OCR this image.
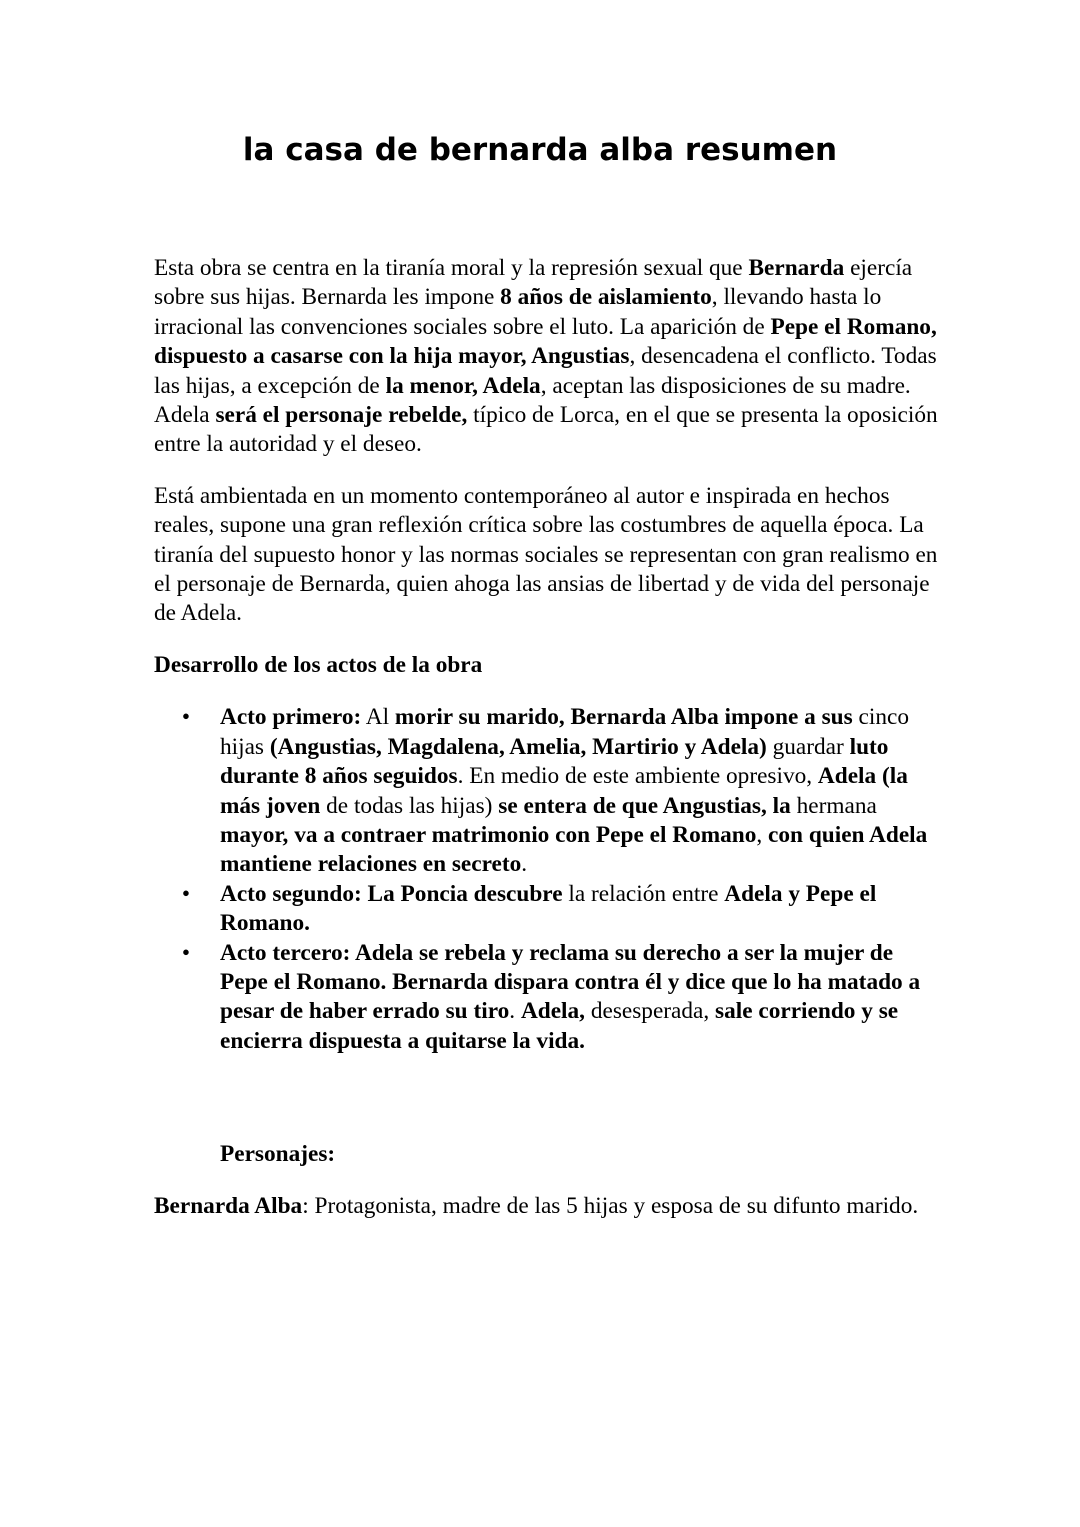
la casa de bernarda alba resumen

Esta obra se centra en la tiranía moral y la represión sexual que Bernarda ejercía sobre sus hijas. Bernarda les impone 8 años de aislamiento, llevando hasta lo irracional las convenciones sociales sobre el luto. La aparición de Pepe el Romano, dispuesto a casarse con la hija mayor, Angustias, desencadena el conflicto. Todas las hijas, a excepción de la menor, Adela, aceptan las disposiciones de su madre. Adela será el personaje rebelde, típico de Lorca, en el que se presenta la oposición entre la autoridad y el deseo.

Está ambientada en un momento contemporáneo al autor e inspirada en hechos reales, supone una gran reflexión crítica sobre las costumbres de aquella época. La tiranía del supuesto honor y las normas sociales se representan con gran realismo en el personaje de Bernarda, quien ahoga las ansias de libertad y de vida del personaje de Adela.

Desarrollo de los actos de la obra

• Acto primero: Al morir su marido, Bernarda Alba impone a sus cinco hijas (Angustias, Magdalena, Amelia, Martirio y Adela) guardar luto durante 8 años seguidos. En medio de este ambiente opresivo, Adela (la más joven de todas las hijas) se entera de que Angustias, la hermana mayor, va a contraer matrimonio con Pepe el Romano, con quien Adela mantiene relaciones en secreto.
• Acto segundo: La Poncia descubre la relación entre Adela y Pepe el Romano.
• Acto tercero: Adela se rebela y reclama su derecho a ser la mujer de Pepe el Romano. Bernarda dispara contra él y dice que lo ha matado a pesar de haber errado su tiro. Adela, desesperada, sale corriendo y se encierra dispuesta a quitarse la vida.

Personajes:

Bernarda Alba: Protagonista, madre de las 5 hijas y esposa de su difunto marido.
